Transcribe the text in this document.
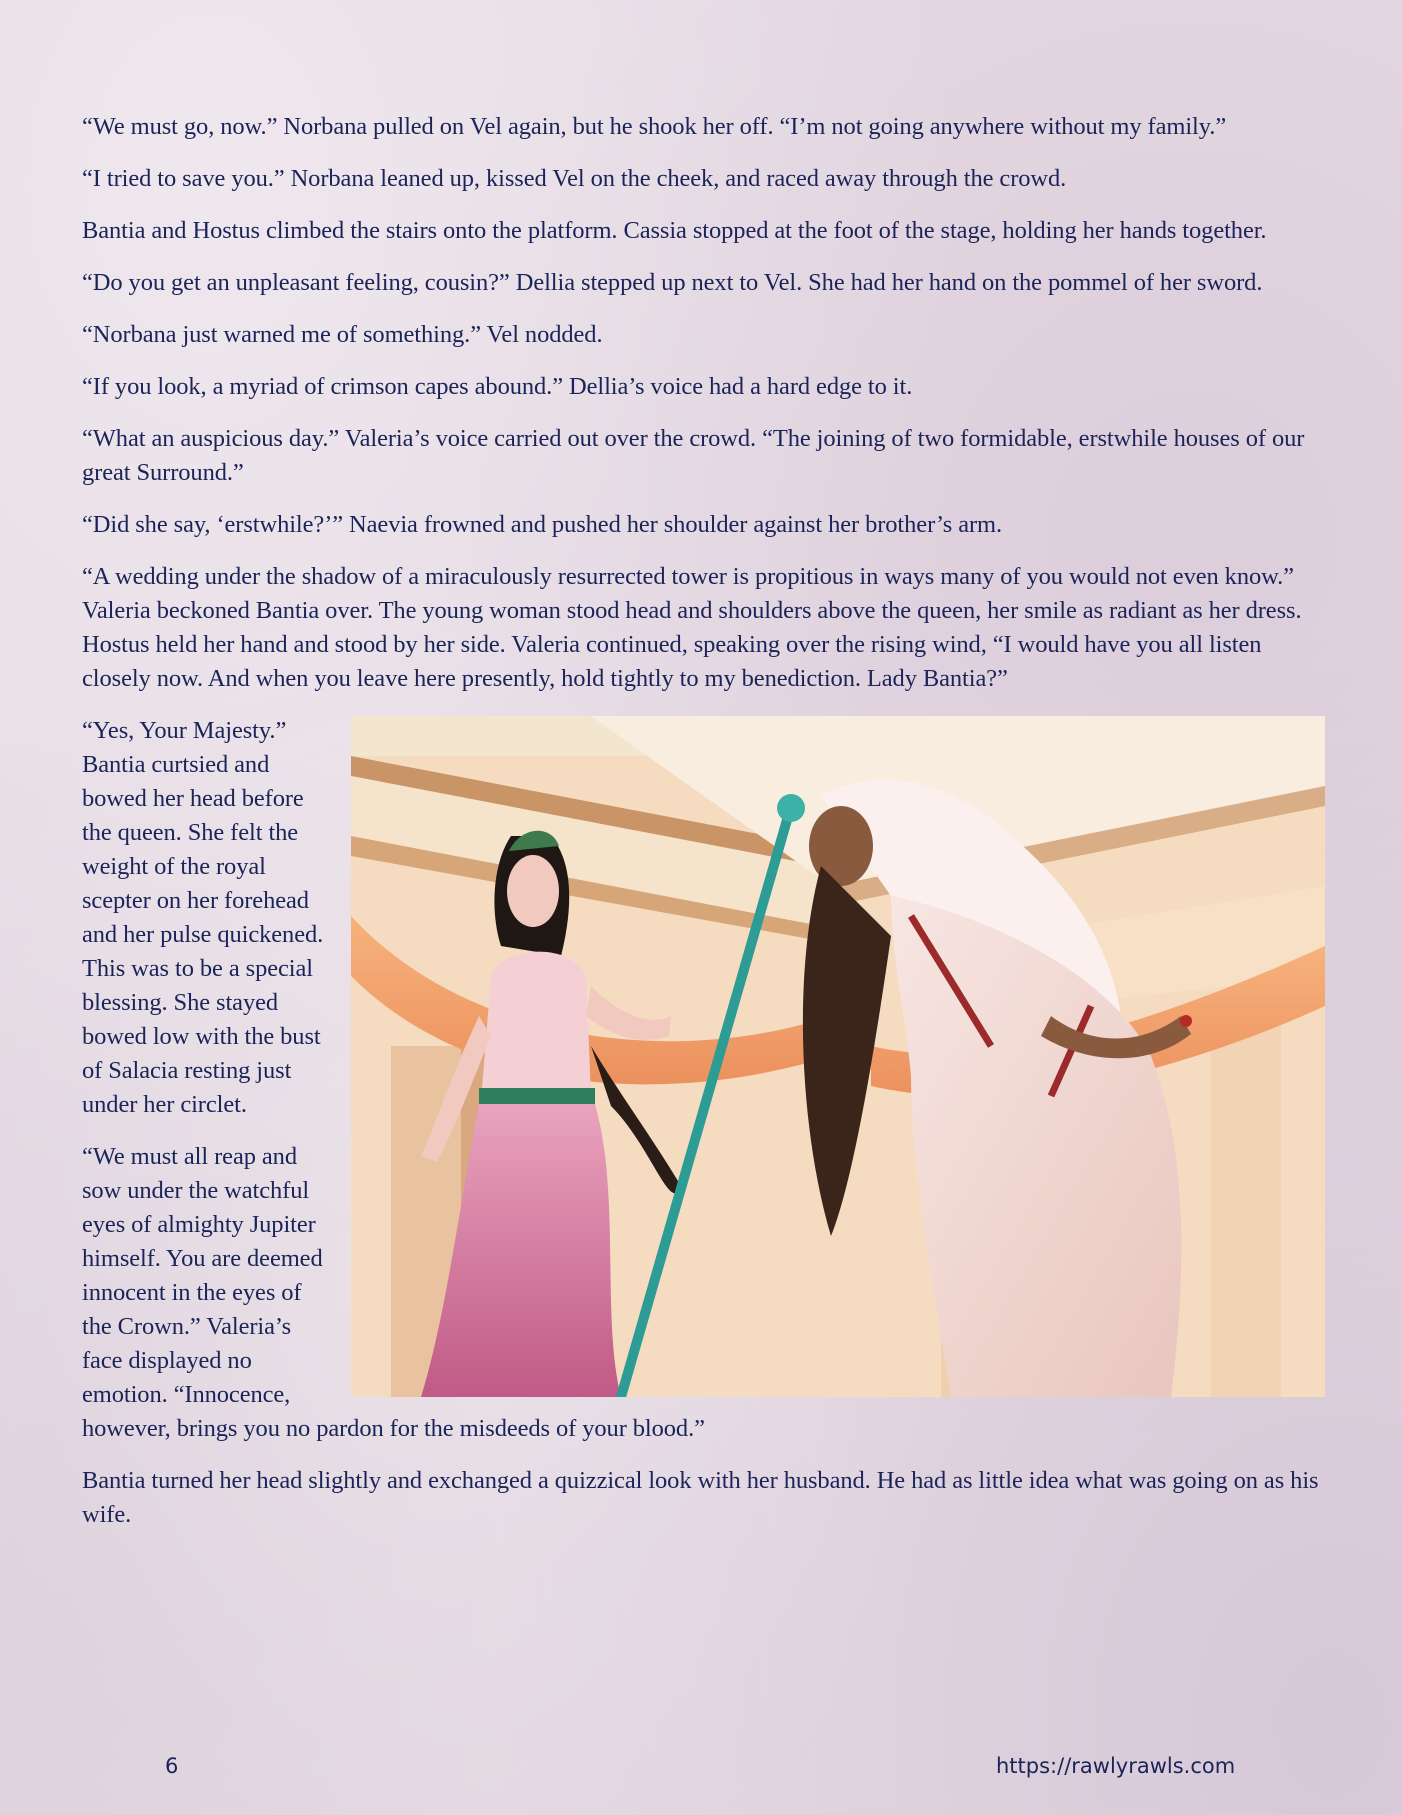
“We must go, now.” Norbana pulled on Vel again, but he shook her off. “I’m not going anywhere without my family.”

“I tried to save you.” Norbana leaned up, kissed Vel on the cheek, and raced away through the crowd.

Bantia and Hostus climbed the stairs onto the platform. Cassia stopped at the foot of the stage, holding her hands together.

“Do you get an unpleasant feeling, cousin?” Dellia stepped up next to Vel. She had her hand on the pommel of her sword.

“Norbana just warned me of something.” Vel nodded.

“If you look, a myriad of crimson capes abound.” Dellia’s voice had a hard edge to it.

“What an auspicious day.” Valeria’s voice carried out over the crowd. “The joining of two formidable, erstwhile houses of our great Surround.”

“Did she say, ‘erstwhile?’” Naevia frowned and pushed her shoulder against her brother’s arm.

“A wedding under the shadow of a miraculously resurrected tower is propitious in ways many of you would not even know.” Valeria beckoned Bantia over. The young woman stood head and shoulders above the queen, her smile as radiant as her dress. Hostus held her hand and stood by her side. Valeria continued, speaking over the rising wind, “I would have you all listen closely now. And when you leave here presently, hold tightly to my benediction. Lady Bantia?”

“Yes, Your Majesty.” Bantia curtsied and bowed her head before the queen. She felt the weight of the royal scepter on her forehead and her pulse quickened. This was to be a special blessing. She stayed bowed low with the bust of Salacia resting just under her circlet.

“We must all reap and sow under the watchful eyes of almighty Jupiter himself. You are deemed innocent in the eyes of the Crown.” Valeria’s face displayed no emotion. “Innocence, however, brings you no pardon for the misdeeds of your blood.”

Bantia turned her head slightly and exchanged a quizzical look with her husband. He had as little idea what was going on as his wife.

6	https://rawlyrawls.com
